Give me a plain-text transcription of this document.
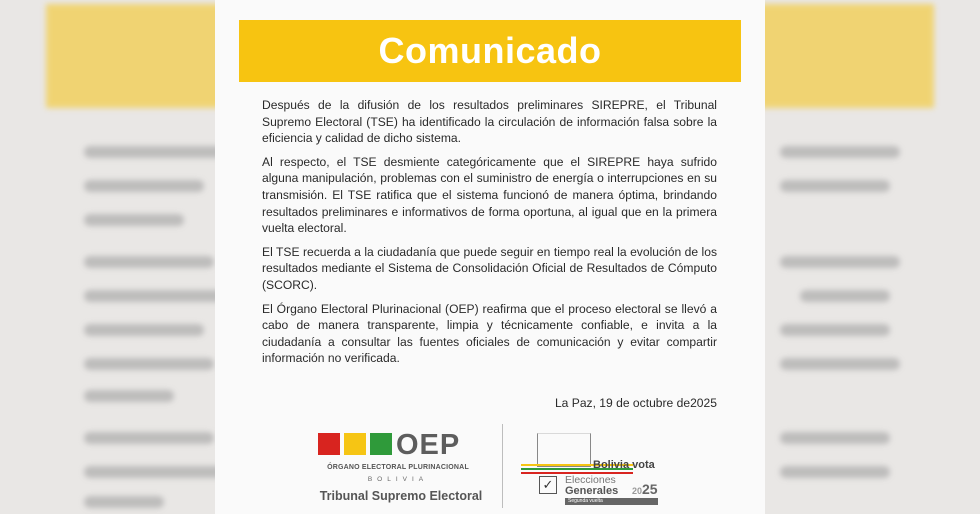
Comunicado

Después de la difusión de los resultados preliminares SIREPRE, el Tribunal Supremo Electoral (TSE) ha identificado la circulación de información falsa sobre la eficiencia y calidad de dicho sistema.

Al respecto, el TSE desmiente categóricamente que el SIREPRE haya sufrido alguna manipulación, problemas con el suministro de energía o interrupciones en su transmisión. El TSE ratifica que el sistema funcionó de manera óptima, brindando resultados preliminares e informativos de forma oportuna, al igual que en la primera vuelta electoral.

El TSE recuerda a la ciudadanía que puede seguir en tiempo real la evolución de los resultados mediante el Sistema de Consolidación Oficial de Resultados de Cómputo (SCORC).

El Órgano Electoral Plurinacional (OEP) reafirma que el proceso electoral se llevó a cabo de manera transparente, limpia y técnicamente confiable, e invita a la ciudadanía a consultar las fuentes oficiales de comunicación y evitar compartir información no verificada.

La Paz, 19 de octubre de2025
OEP
ÓRGANO ELECTORAL PLURINACIONAL
BOLIVIA
Tribunal Supremo Electoral
Bolivia vota
✓	Elecciones
Generales 2025
Segunda vuelta
